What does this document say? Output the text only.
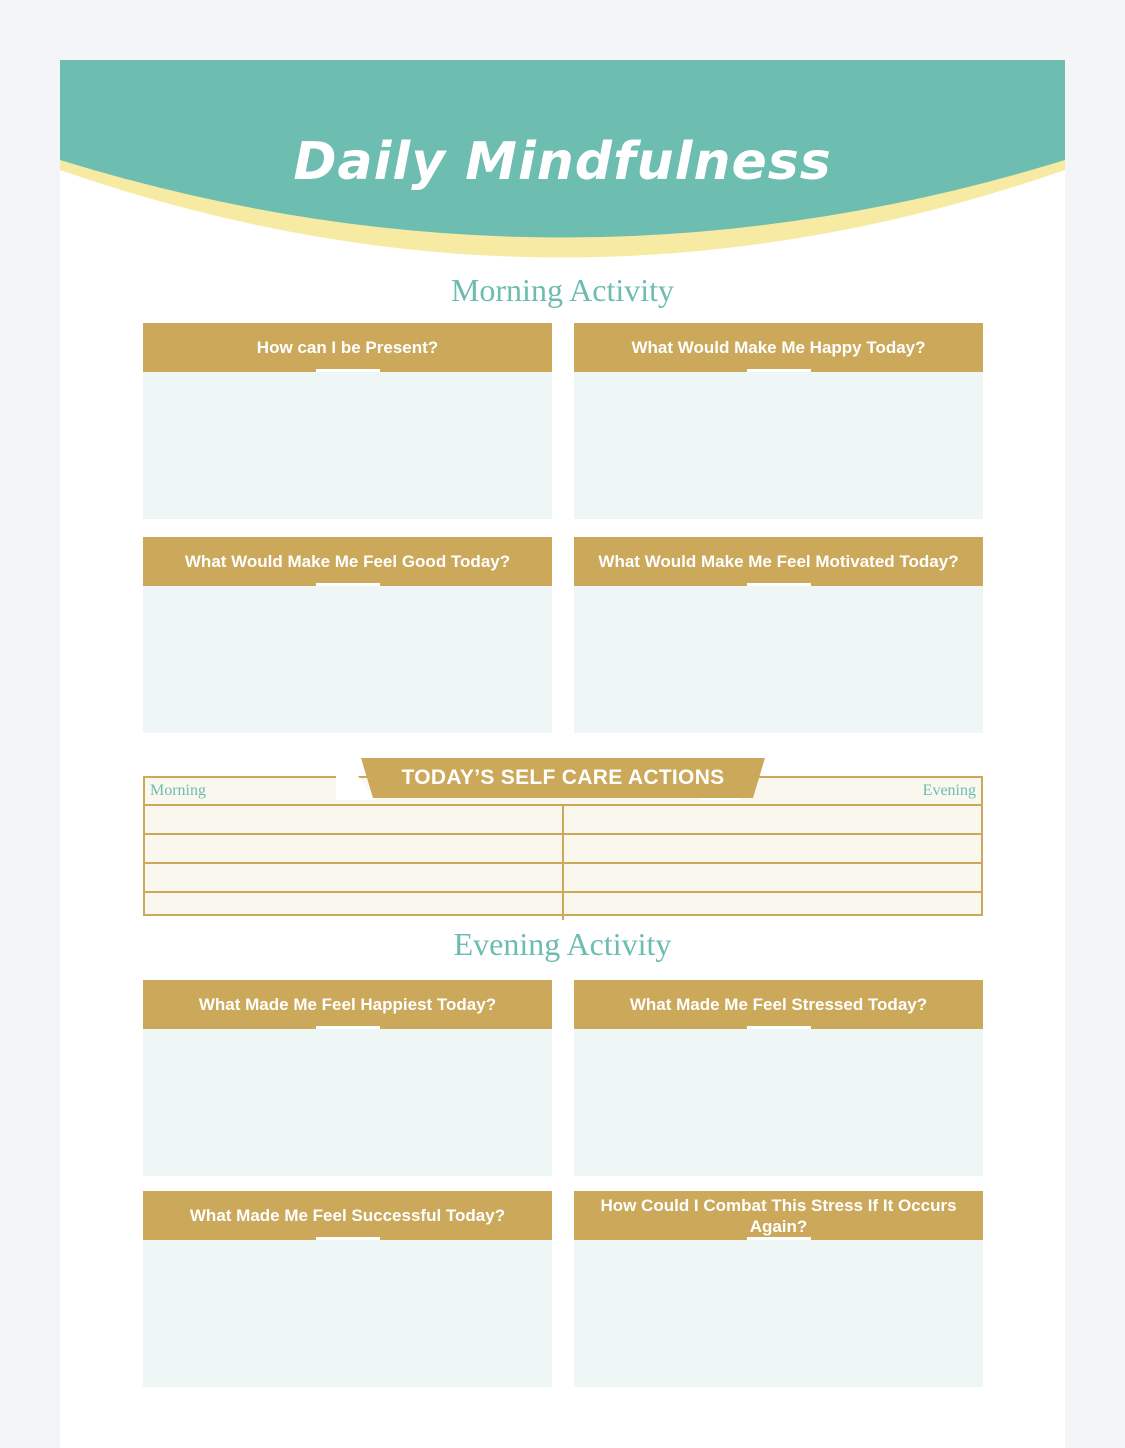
Daily Mindfulness
Morning Activity
How can I be Present?	What Would Make Me Happy Today?
What Would Make Me Feel Good Today?	What Would Make Me Feel Motivated Today?
Morning	Evening
TODAY’S SELF CARE ACTIONS
Evening Activity
What Made Me Feel Happiest Today?	What Made Me Feel Stressed Today?
What Made Me Feel Successful Today?
How Could I Combat This Stress If It Occurs Again?
